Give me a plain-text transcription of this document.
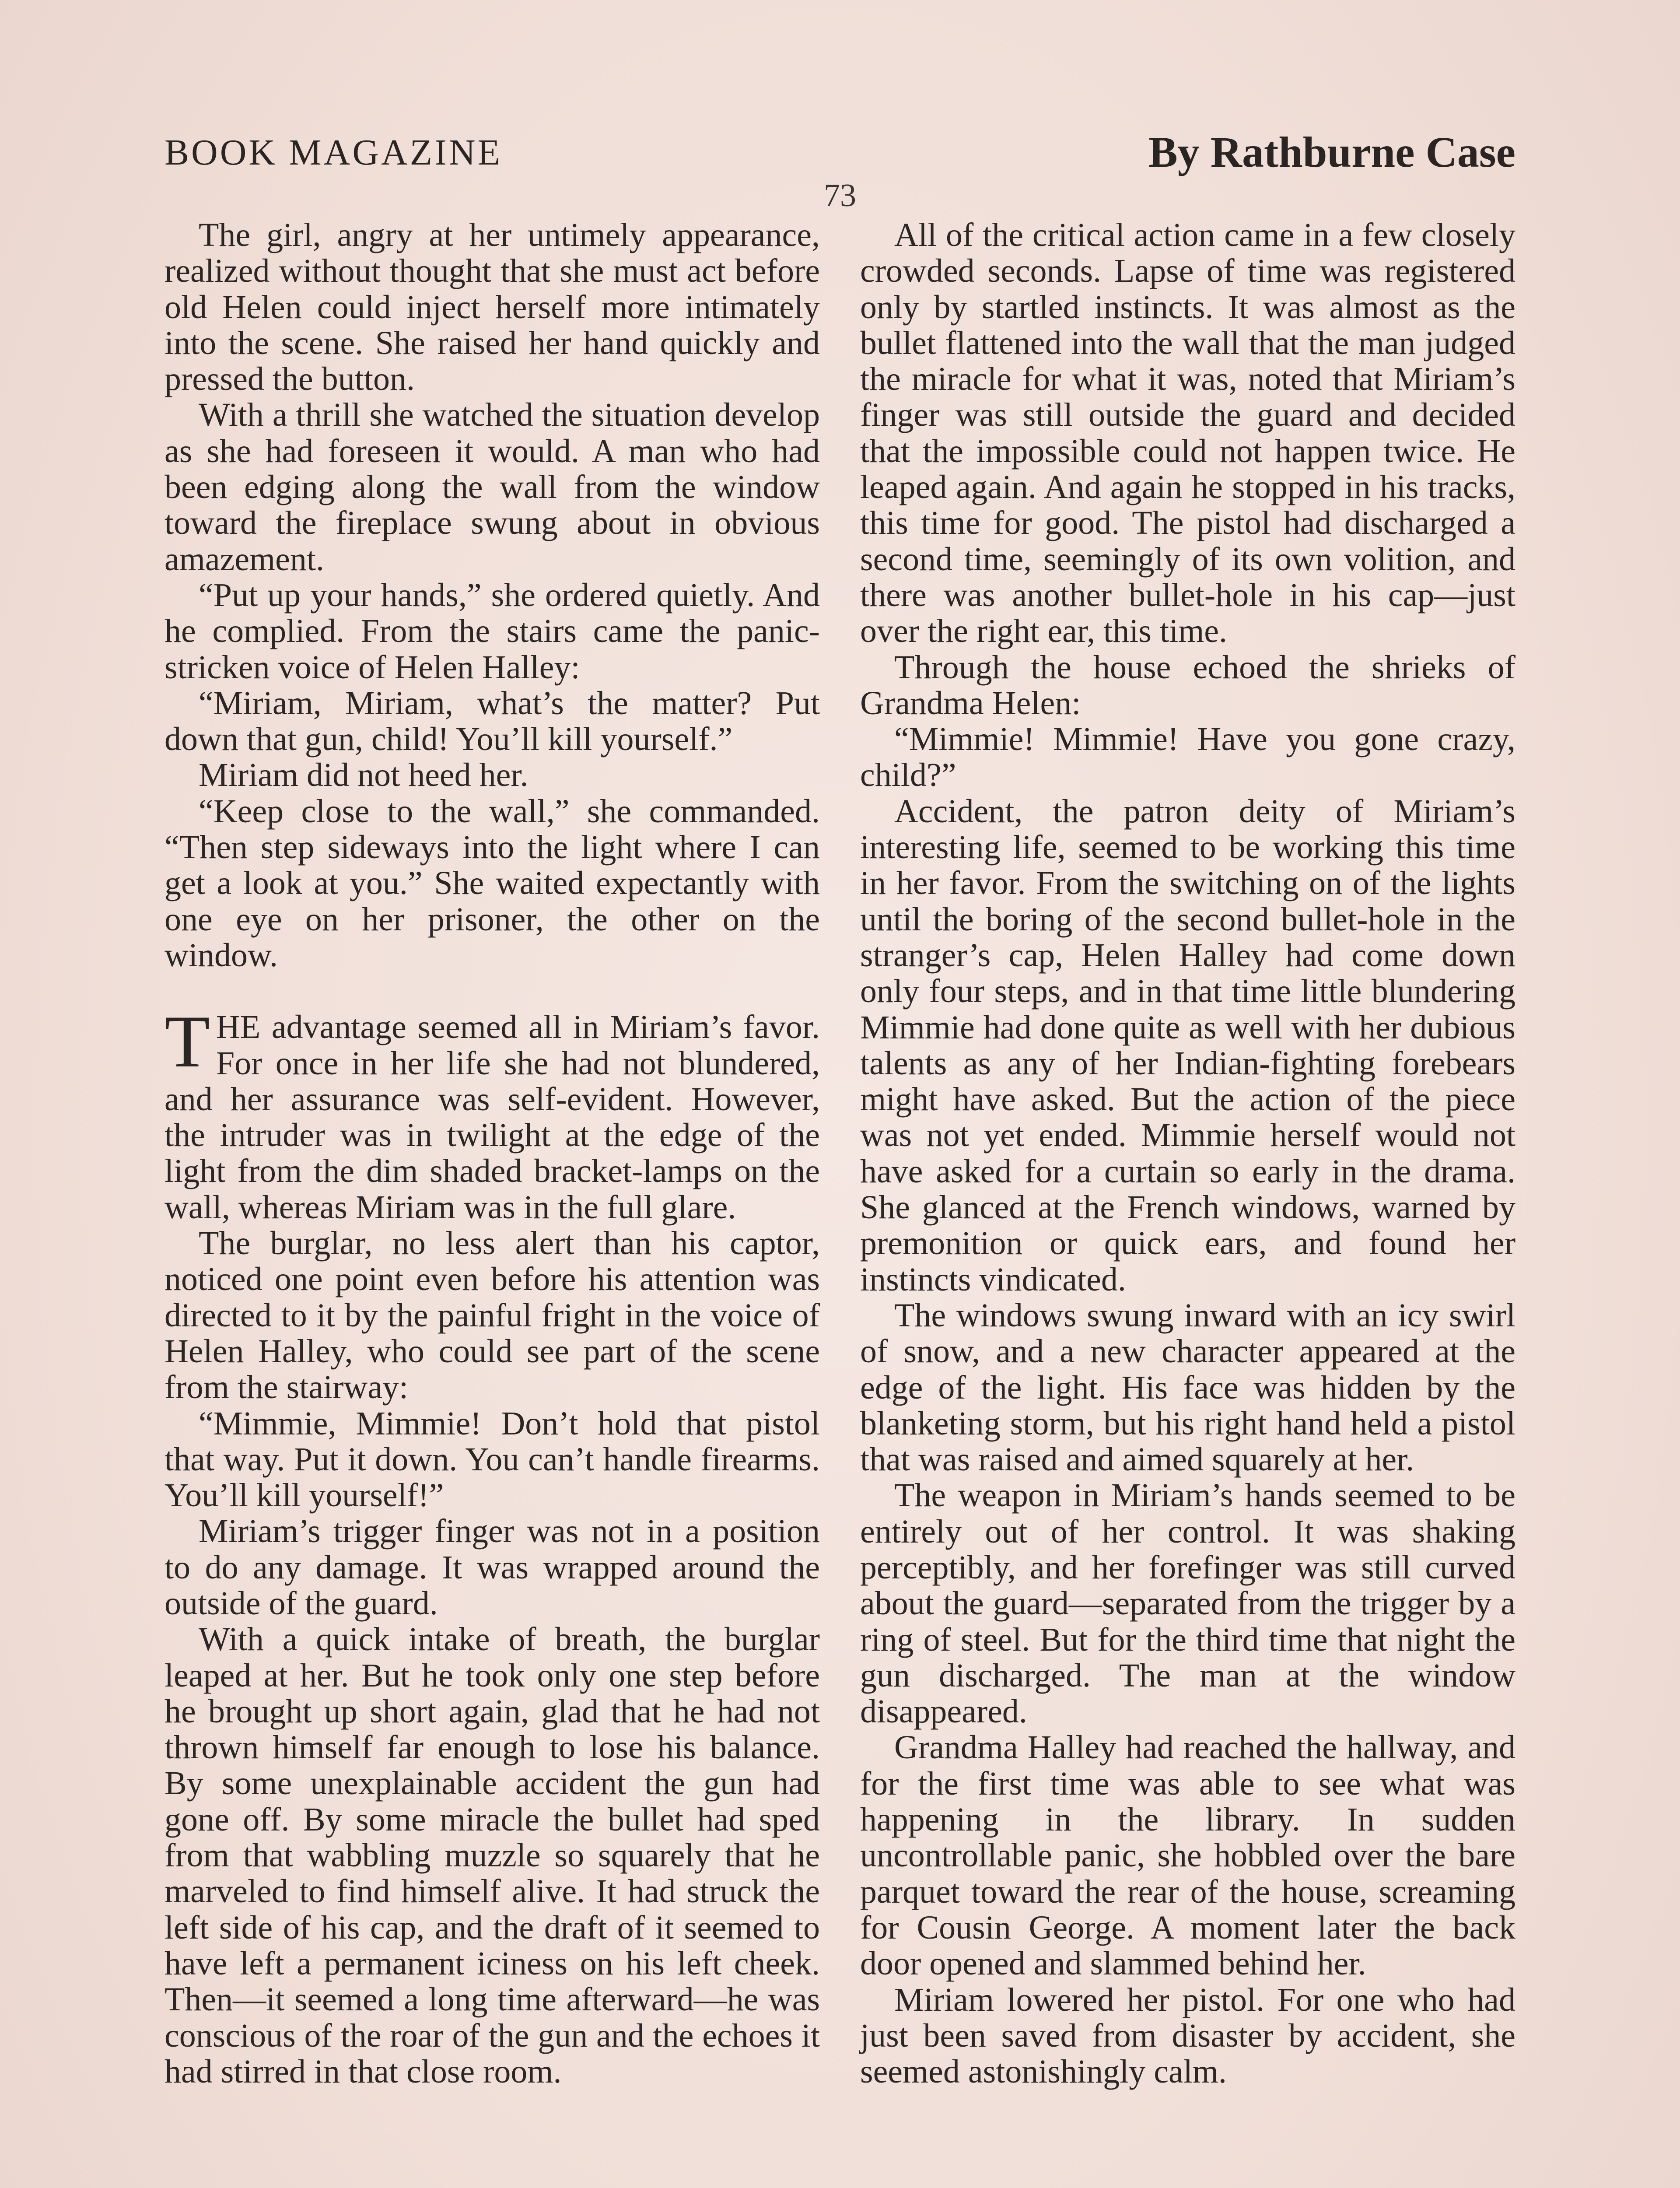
BOOK MAGAZINE	By Rathburne Case
73

The girl, angry at her untimely appearance, realized without thought that she must act before old Helen could inject herself more intimately into the scene. She raised her hand quickly and pressed the button.

With a thrill she watched the situation develop as she had foreseen it would. A man who had been edging along the wall from the window toward the fireplace swung about in obvious amazement.

“Put up your hands,” she ordered quietly. And he complied. From the stairs came the panic-stricken voice of Helen Halley:

“Miriam, Miriam, what’s the matter? Put down that gun, child! You’ll kill yourself.”

Miriam did not heed her.

“Keep close to the wall,” she commanded. “Then step sideways into the light where I can get a look at you.” She waited expectantly with one eye on her prisoner, the other on the window.

THE advantage seemed all in Miriam’s favor. For once in her life she had not blundered, and her assurance was self-evident. However, the intruder was in twilight at the edge of the light from the dim shaded bracket-lamps on the wall, whereas Miriam was in the full glare.

The burglar, no less alert than his captor, noticed one point even before his attention was directed to it by the painful fright in the voice of Helen Halley, who could see part of the scene from the stairway:

“Mimmie, Mimmie! Don’t hold that pistol that way. Put it down. You can’t handle firearms. You’ll kill yourself!”

Miriam’s trigger finger was not in a position to do any damage. It was wrapped around the outside of the guard.

With a quick intake of breath, the burglar leaped at her. But he took only one step before he brought up short again, glad that he had not thrown himself far enough to lose his balance. By some unexplainable accident the gun had gone off. By some miracle the bullet had sped from that wabbling muzzle so squarely that he marveled to find himself alive. It had struck the left side of his cap, and the draft of it seemed to have left a permanent iciness on his left cheek. Then—it seemed a long time afterward—he was conscious of the roar of the gun and the echoes it had stirred in that close room.

All of the critical action came in a few closely crowded seconds. Lapse of time was registered only by startled instincts. It was almost as the bullet flattened into the wall that the man judged the miracle for what it was, noted that Miriam’s finger was still outside the guard and decided that the impossible could not happen twice. He leaped again. And again he stopped in his tracks, this time for good. The pistol had discharged a second time, seemingly of its own volition, and there was another bullet-hole in his cap—just over the right ear, this time.

Through the house echoed the shrieks of Grandma Helen:

“Mimmie! Mimmie! Have you gone crazy, child?”

Accident, the patron deity of Miriam’s interesting life, seemed to be working this time in her favor. From the switching on of the lights until the boring of the second bullet-hole in the stranger’s cap, Helen Halley had come down only four steps, and in that time little blundering Mimmie had done quite as well with her dubious talents as any of her Indian-fighting forebears might have asked. But the action of the piece was not yet ended. Mimmie herself would not have asked for a curtain so early in the drama. She glanced at the French windows, warned by premonition or quick ears, and found her instincts vindicated.

The windows swung inward with an icy swirl of snow, and a new character appeared at the edge of the light. His face was hidden by the blanketing storm, but his right hand held a pistol that was raised and aimed squarely at her.

The weapon in Miriam’s hands seemed to be entirely out of her control. It was shaking perceptibly, and her forefinger was still curved about the guard—separated from the trigger by a ring of steel. But for the third time that night the gun discharged. The man at the window disappeared.

Grandma Halley had reached the hallway, and for the first time was able to see what was happening in the library. In sudden uncontrollable panic, she hobbled over the bare parquet toward the rear of the house, screaming for Cousin George. A moment later the back door opened and slammed behind her.

Miriam lowered her pistol. For one who had just been saved from disaster by accident, she seemed astonishingly calm.
